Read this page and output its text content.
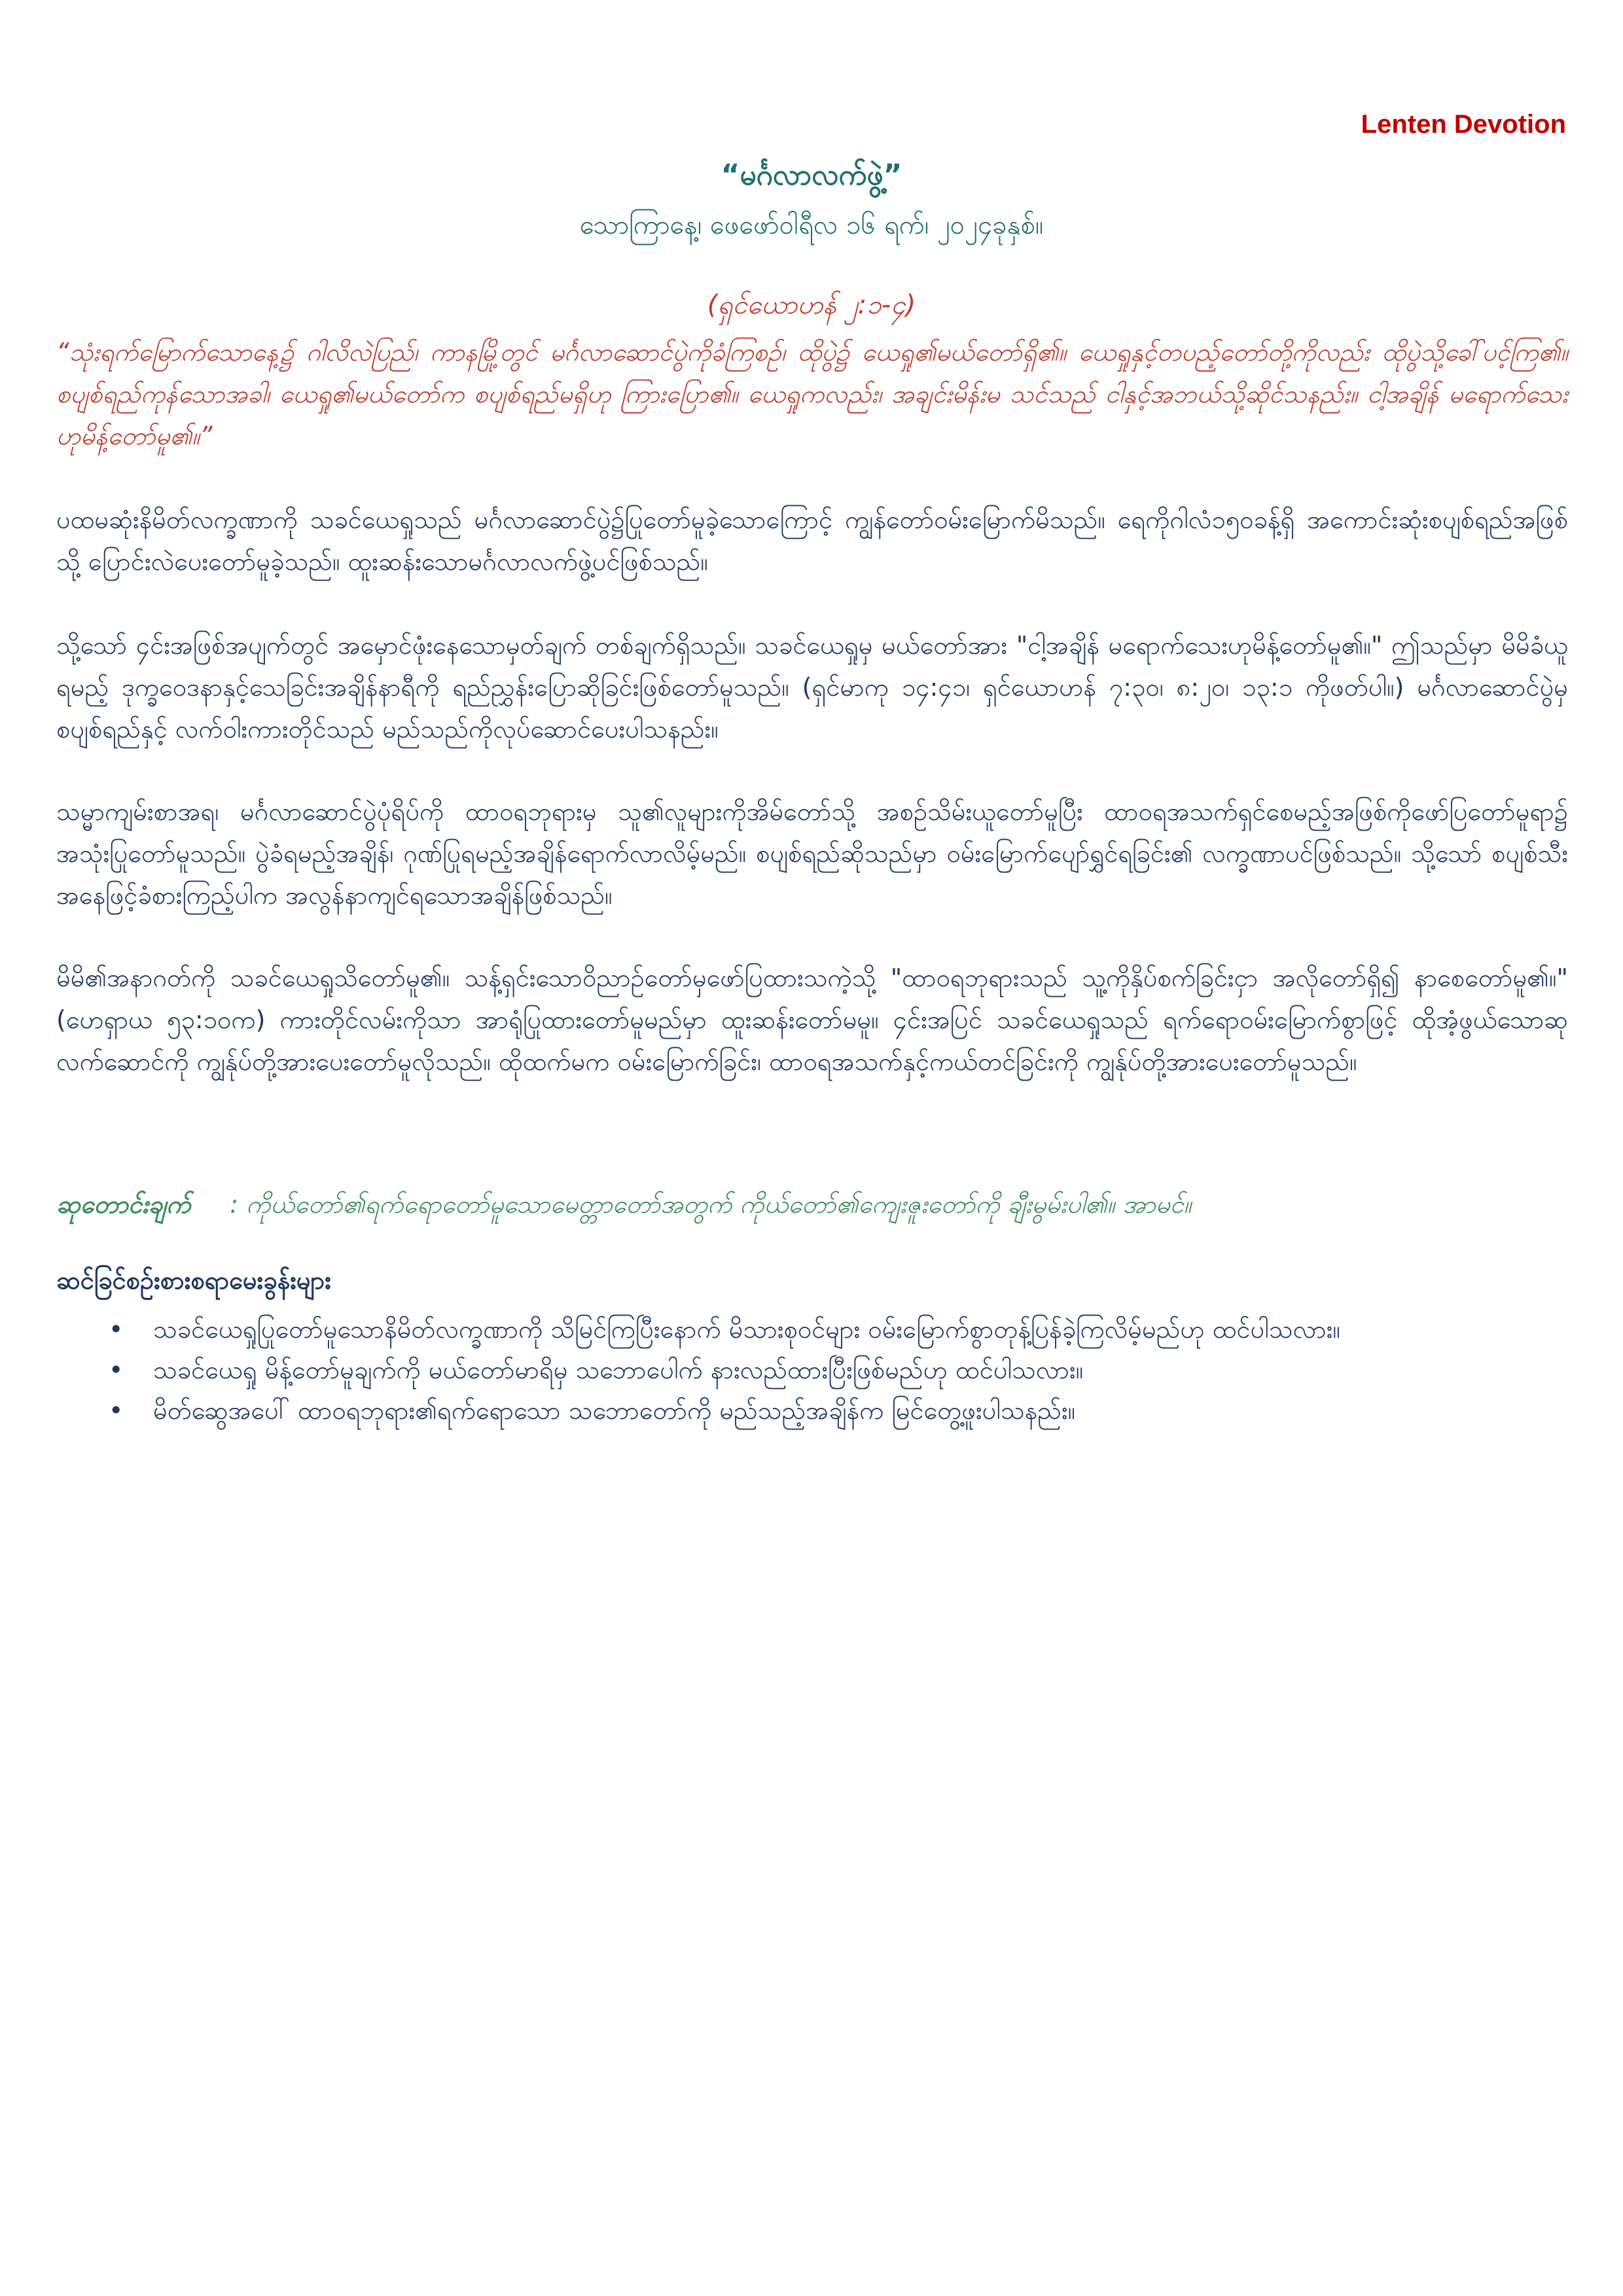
Lenten Devotion
“မင်္ဂလာလက်ဖွဲ့”
သောကြာနေ့၊ ဖေဖော်ဝါရီလ ၁၆ ရက်၊ ၂၀၂၄ခုနှစ်။
(ရှင်ယောဟန် ၂:၁-၄)
“သုံးရက်မြောက်သောနေ့၌ ဂါလိလဲပြည်၊ ကာနမြို့တွင် မင်္ဂလာဆောင်ပွဲကိုခံကြစဉ်၊ ထိုပွဲ၌ ယေရှု၏မယ်တော်ရှိ၏။ ယေရှုနှင့်တပည့်တော်တို့ကိုလည်း ထိုပွဲသို့ခေါ်ပင့်ကြ၏။ စပျစ်ရည်ကုန်သောအခါ၊ ယေရှု၏မယ်တော်က စပျစ်ရည်မရှိဟု ကြားပြော၏။ ယေရှုကလည်း၊ အချင်းမိန်းမ သင်သည် ငါနှင့်အဘယ်သို့ဆိုင်သနည်း။ ငါ့အချိန် မရောက်သေးဟုမိန့်တော်မူ၏။”
ပထမဆုံးနိမိတ်လက္ခဏာကို သခင်ယေရှုသည် မင်္ဂလာဆောင်ပွဲ၌ပြုတော်မူခဲ့သောကြောင့် ကျွန်တော်ဝမ်းမြောက်မိသည်။ ရေကိုဂါလံ၁၅၀ခန့်ရှိ အကောင်းဆုံးစပျစ်ရည်အဖြစ်သို့ ပြောင်းလဲပေးတော်မူခဲ့သည်။ ထူးဆန်းသောမင်္ဂလာလက်ဖွဲ့ပင်ဖြစ်သည်။
သို့သော် ၄င်းအဖြစ်အပျက်တွင် အမှောင်ဖုံးနေသောမှတ်ချက် တစ်ချက်ရှိသည်။ သခင်ယေရှုမှ မယ်တော်အား "ငါ့အချိန် မရောက်သေးဟုမိန့်တော်မူ၏။" ဤသည်မှာ မိမိခံယူရမည့် ဒုက္ခဝေဒနာနှင့်သေခြင်းအချိန်နာရီကို ရည်ညွှန်းပြောဆိုခြင်းဖြစ်တော်မူသည်။ (ရှင်မာကု ၁၄:၄၁၊ ရှင်ယောဟန် ၇:၃၀၊ ၈:၂၀၊ ၁၃:၁ ကိုဖတ်ပါ။) မင်္ဂလာဆောင်ပွဲမှစပျစ်ရည်နှင့် လက်ဝါးကားတိုင်သည် မည်သည်ကိုလုပ်ဆောင်ပေးပါသနည်း။
သမ္မာကျမ်းစာအရ၊ မင်္ဂလာဆောင်ပွဲပုံရိပ်ကို ထာဝရဘုရားမှ သူ၏လူများကိုအိမ်တော်သို့ အစဉ်သိမ်းယူတော်မူပြီး ထာဝရအသက်ရှင်စေမည့်အဖြစ်ကိုဖော်ပြတော်မူရာ၌ အသုံးပြုတော်မူသည်။ ပွဲခံရမည့်အချိန်၊ ဂုဏ်ပြုရမည့်အချိန်ရောက်လာလိမ့်မည်။ စပျစ်ရည်ဆိုသည်မှာ ဝမ်းမြောက်ပျော်ရွှင်ရခြင်း၏ လက္ခဏာပင်ဖြစ်သည်။ သို့သော် စပျစ်သီးအနေဖြင့်ခံစားကြည့်ပါက အလွန်နာကျင်ရသောအချိန်ဖြစ်သည်။
မိမိ၏အနာဂတ်ကို သခင်ယေရှုသိတော်မူ၏။ သန့်ရှင်းသောဝိညာဉ်တော်မှဖော်ပြထားသကဲ့သို့ "ထာဝရဘုရားသည် သူ့ကိုနှိပ်စက်ခြင်းငှာ အလိုတော်ရှိ၍ နာစေတော်မူ၏။" (ဟေရှာယ ၅၃:၁၀က) ကားတိုင်လမ်းကိုသာ အာရုံပြုထားတော်မူမည်မှာ ထူးဆန်းတော်မမူ။ ၄င်းအပြင် သခင်ယေရှုသည် ရက်ရောဝမ်းမြောက်စွာဖြင့် ထိုအံ့ဖွယ်သောဆုလက်ဆောင်ကို ကျွန်ုပ်တို့အားပေးတော်မူလိုသည်။ ထိုထက်မက ဝမ်းမြောက်ခြင်း၊ ထာဝရအသက်နှင့်ကယ်တင်ခြင်းကို ကျွန်ုပ်တို့အားပေးတော်မူသည်။
ဆုတောင်းချက် : ကိုယ်တော်၏ရက်ရောတော်မူသောမေတ္တာတော်အတွက် ကိုယ်တော်၏ကျေးဇူးတော်ကို ချီးမွမ်းပါ၏။ အာမင်။
ဆင်ခြင်စဉ်းစားစရာမေးခွန်းများ
• သခင်ယေရှုပြုတော်မူသောနိမိတ်လက္ခဏာကို သိမြင်ကြပြီးနောက် မိသားစုဝင်များ ဝမ်းမြောက်စွာတုန့်ပြန်ခဲ့ကြလိမ့်မည်ဟု ထင်ပါသလား။
• သခင်ယေရှု မိန့်တော်မူချက်ကို မယ်တော်မာရိမှ သဘောပေါက် နားလည်ထားပြီးဖြစ်မည်ဟု ထင်ပါသလား။
• မိတ်ဆွေအပေါ် ထာဝရဘုရား၏ရက်ရောသော သဘောတော်ကို မည်သည့်အချိန်က မြင်တွေ့ဖူးပါသနည်း။
